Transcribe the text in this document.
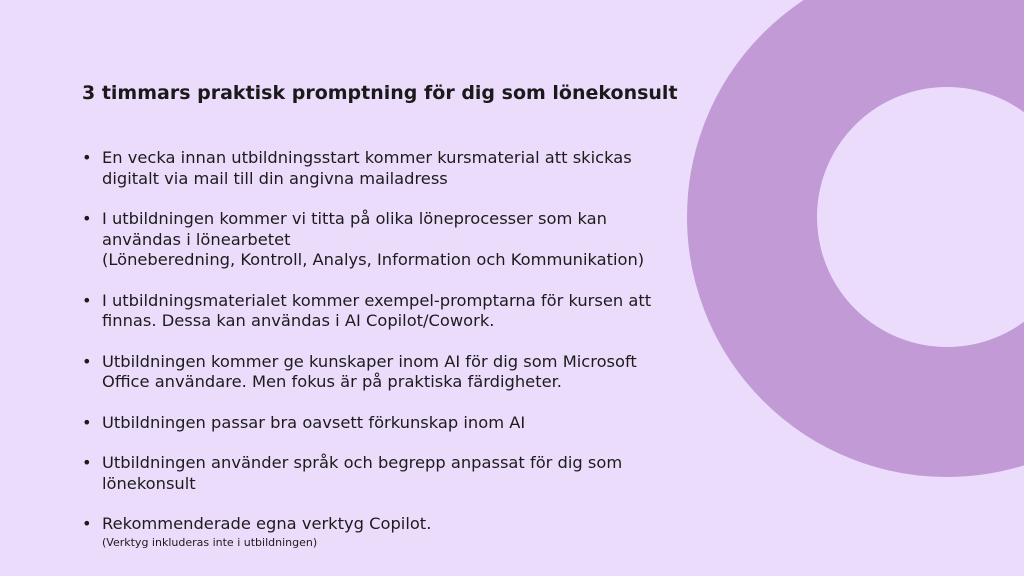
3 timmars praktisk promptning för dig som lönekonsult
• En vecka innan utbildningsstart kommer kursmaterial att skickas
digitalt via mail till din angivna mailadress
• I utbildningen kommer vi titta på olika löneprocesser som kan
användas i lönearbetet
(Löneberedning, Kontroll, Analys, Information och Kommunikation)
• I utbildningsmaterialet kommer exempel-promptarna för kursen att
finnas. Dessa kan användas i AI Copilot/Cowork.
• Utbildningen kommer ge kunskaper inom AI för dig som Microsoft
Office användare. Men fokus är på praktiska färdigheter.
• Utbildningen passar bra oavsett förkunskap inom AI
• Utbildningen använder språk och begrepp anpassat för dig som
lönekonsult
• Rekommenderade egna verktyg Copilot.
(Verktyg inkluderas inte i utbildningen)
